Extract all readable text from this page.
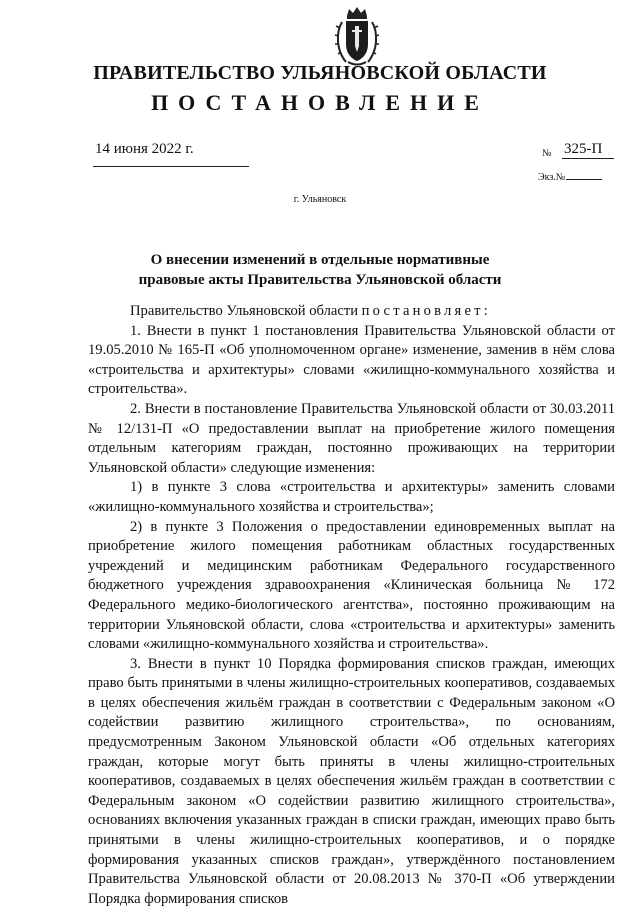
ПРАВИТЕЛЬСТВО УЛЬЯНОВСКОЙ ОБЛАСТИ
ПОСТАНОВЛЕНИЕ
14 июня 2022 г.	№ 325-П
Экз.№
г. Ульяновск
О внесении изменений в отдельные нормативные
правовые акты Правительства Ульяновской области

Правительство Ульяновской области постановляет:

1. Внести в пункт 1 постановления Правительства Ульяновской области от 19.05.2010 № 165-П «Об уполномоченном органе» изменение, заменив в нём слова «строительства и архитектуры» словами «жилищно-коммунального хозяйства и строительства».

2. Внести в постановление Правительства Ульяновской области от 30.03.2011 № 12/131-П «О предоставлении выплат на приобретение жилого помещения отдельным категориям граждан, постоянно проживающих на территории Ульяновской области» следующие изменения:

1) в пункте 3 слова «строительства и архитектуры» заменить словами «жилищно-коммунального хозяйства и строительства»;

2) в пункте 3 Положения о предоставлении единовременных выплат на приобретение жилого помещения работникам областных государственных учреждений и медицинским работникам Федерального государственного бюджетного учреждения здравоохранения «Клиническая больница № 172 Федерального медико-биологического агентства», постоянно проживающим на территории Ульяновской области, слова «строительства и архитектуры» заменить словами «жилищно-коммунального хозяйства и строительства».

3. Внести в пункт 10 Порядка формирования списков граждан, имеющих право быть принятыми в члены жилищно-строительных кооперативов, создаваемых в целях обеспечения жильём граждан в соответствии с Федеральным законом «О содействии развитию жилищного строительства», по основаниям, предусмотренным Законом Ульяновской области «Об отдельных категориях граждан, которые могут быть приняты в члены жилищно-строительных кооперативов, создаваемых в целях обеспечения жильём граждан в соответствии с Федеральным законом «О содействии развитию жилищного строительства», основаниях включения указанных граждан в списки граждан, имеющих право быть принятыми в члены жилищно-строительных кооперативов, и о порядке формирования указанных списков граждан», утверждённого постановлением Правительства Ульяновской области от 20.08.2013 № 370-П «Об утверждении Порядка формирования списков
